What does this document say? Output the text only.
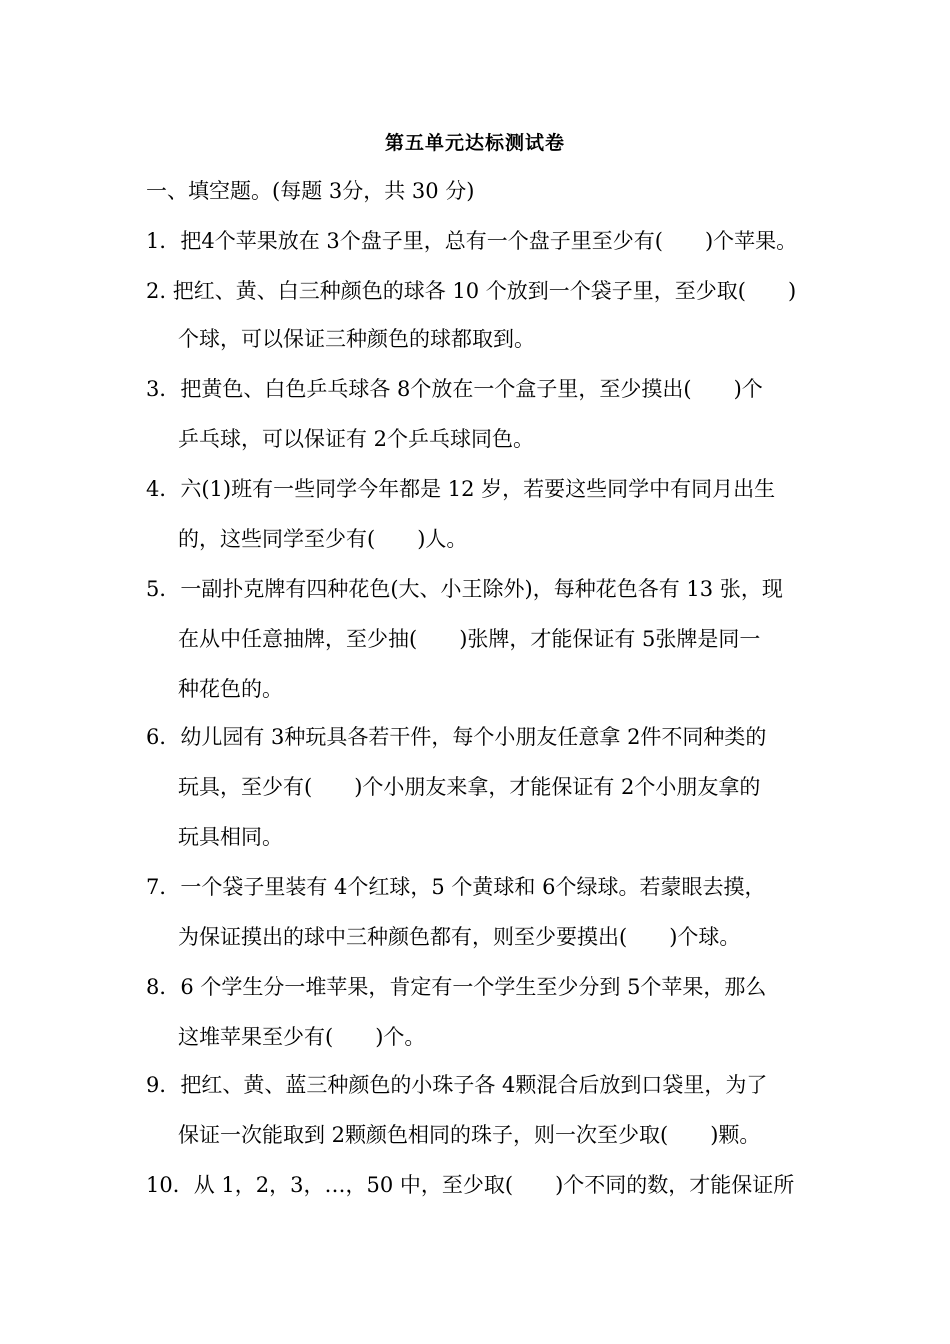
第五单元达标测试卷
一、填空题。(每题 3分，共 30 分)
1．把4个苹果放在 3个盘子里，总有一个盘子里至少有(　　)个苹果。
2. 把红、黄、白三种颜色的球各 10 个放到一个袋子里，至少取(　　)
个球，可以保证三种颜色的球都取到。
3．把黄色、白色乒乓球各 8个放在一个盒子里，至少摸出(　　)个
乒乓球，可以保证有 2个乒乓球同色。
4．六(1)班有一些同学今年都是 12 岁，若要这些同学中有同月出生
的，这些同学至少有(　　)人。
5．一副扑克牌有四种花色(大、小王除外)，每种花色各有 13 张，现
在从中任意抽牌，至少抽(　　)张牌，才能保证有 5张牌是同一
种花色的。
6．幼儿园有 3种玩具各若干件，每个小朋友任意拿 2件不同种类的
玩具，至少有(　　)个小朋友来拿，才能保证有 2个小朋友拿的
玩具相同。
7．一个袋子里装有 4个红球，5 个黄球和 6个绿球。若蒙眼去摸，
为保证摸出的球中三种颜色都有，则至少要摸出(　　)个球。
8．6 个学生分一堆苹果，肯定有一个学生至少分到 5个苹果，那么
这堆苹果至少有(　　)个。
9．把红、黄、蓝三种颜色的小珠子各 4颗混合后放到口袋里，为了
保证一次能取到 2颗颜色相同的珠子，则一次至少取(　　)颗。
10．从 1，2，3，…，50 中，至少取(　　)个不同的数，才能保证所
